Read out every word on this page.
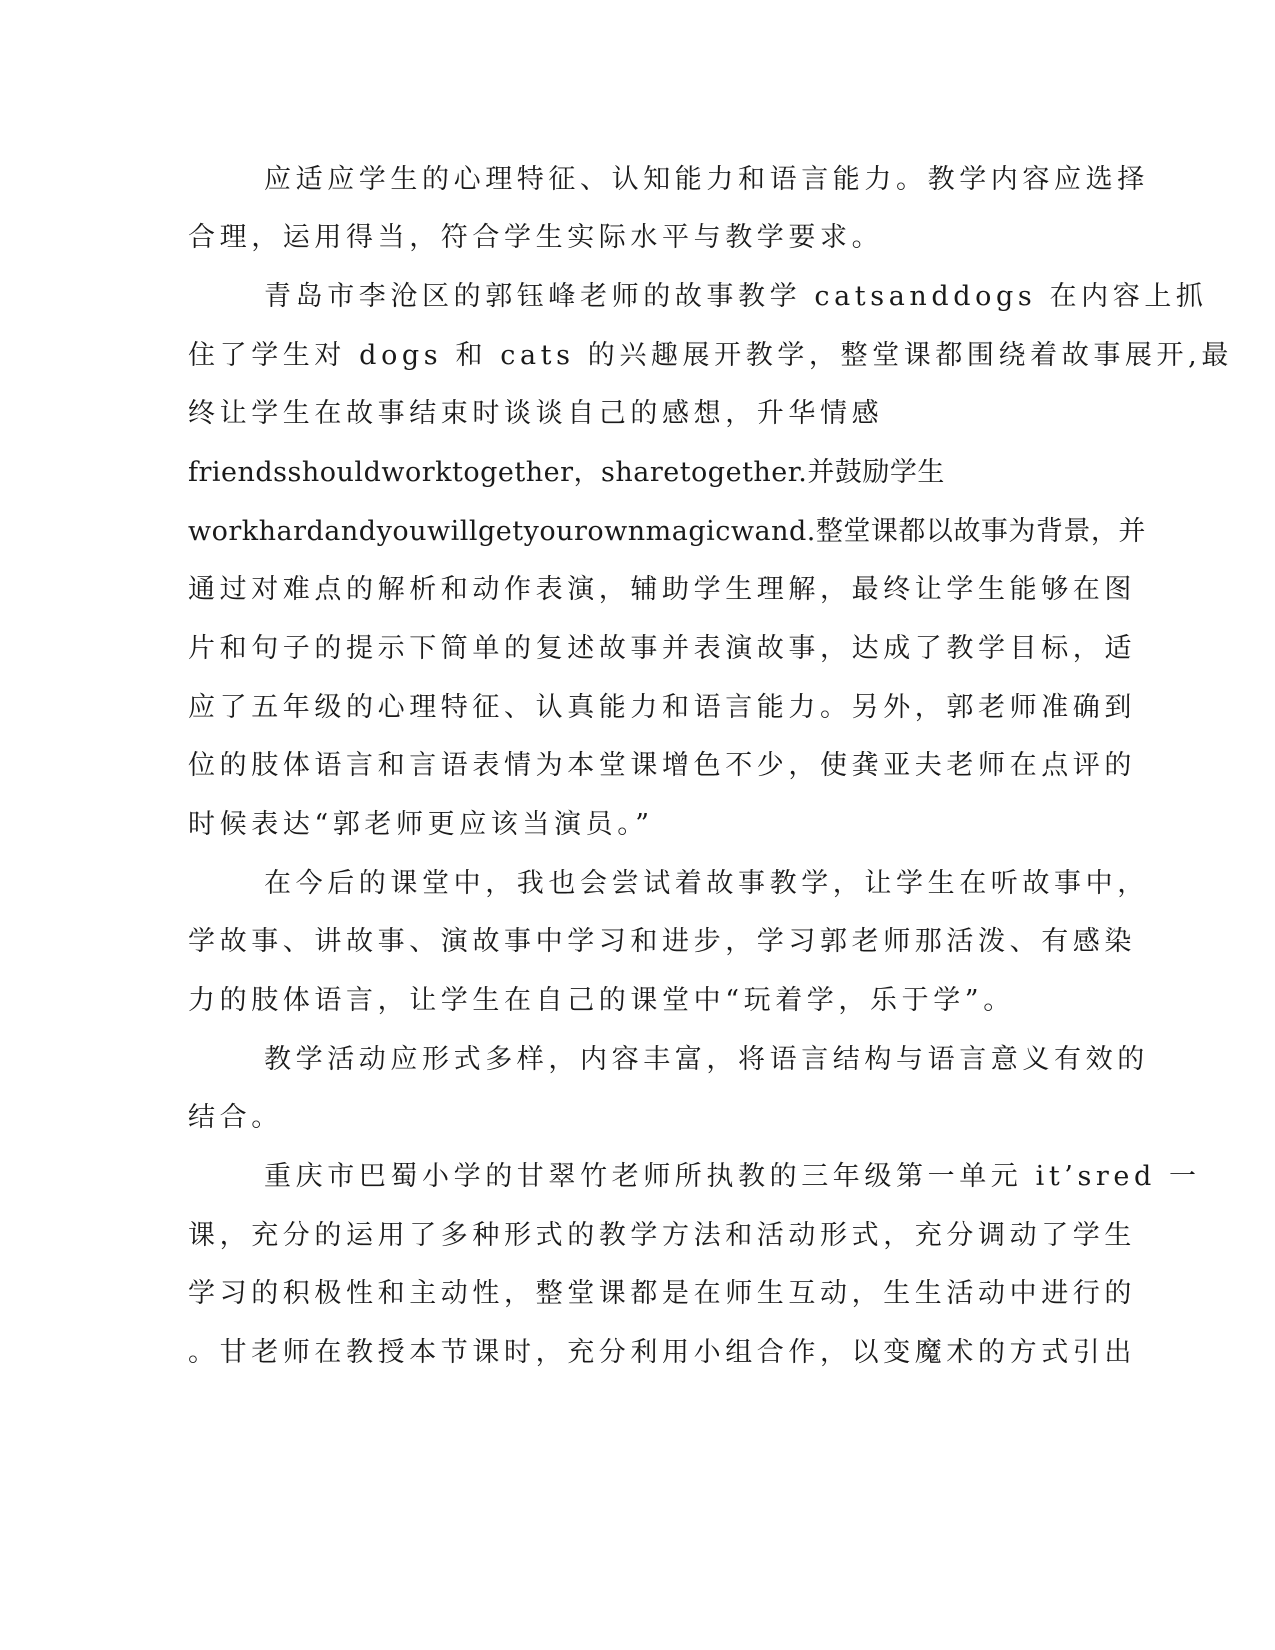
应适应学生的心理特征、认知能力和语言能力。教学内容应选择
合理，运用得当，符合学生实际水平与教学要求。
青岛市李沧区的郭钰峰老师的故事教学 catsanddogs 在内容上抓
住了学生对 dogs 和 cats 的兴趣展开教学，整堂课都围绕着故事展开,最
终让学生在故事结束时谈谈自己的感想，升华情感
friendsshouldworktogether，sharetogether.并鼓励学生
workhardandyouwillgetyourownmagicwand.整堂课都以故事为背景，并
通过对难点的解析和动作表演，辅助学生理解，最终让学生能够在图
片和句子的提示下简单的复述故事并表演故事，达成了教学目标，适
应了五年级的心理特征、认真能力和语言能力。另外，郭老师准确到
位的肢体语言和言语表情为本堂课增色不少，使龚亚夫老师在点评的
时候表达“郭老师更应该当演员。”
在今后的课堂中，我也会尝试着故事教学，让学生在听故事中，
学故事、讲故事、演故事中学习和进步，学习郭老师那活泼、有感染
力的肢体语言，让学生在自己的课堂中“玩着学，乐于学”。
教学活动应形式多样，内容丰富，将语言结构与语言意义有效的
结合。
重庆市巴蜀小学的甘翠竹老师所执教的三年级第一单元 it’sred 一
课，充分的运用了多种形式的教学方法和活动形式，充分调动了学生
学习的积极性和主动性，整堂课都是在师生互动，生生活动中进行的
。甘老师在教授本节课时，充分利用小组合作，以变魔术的方式引出
